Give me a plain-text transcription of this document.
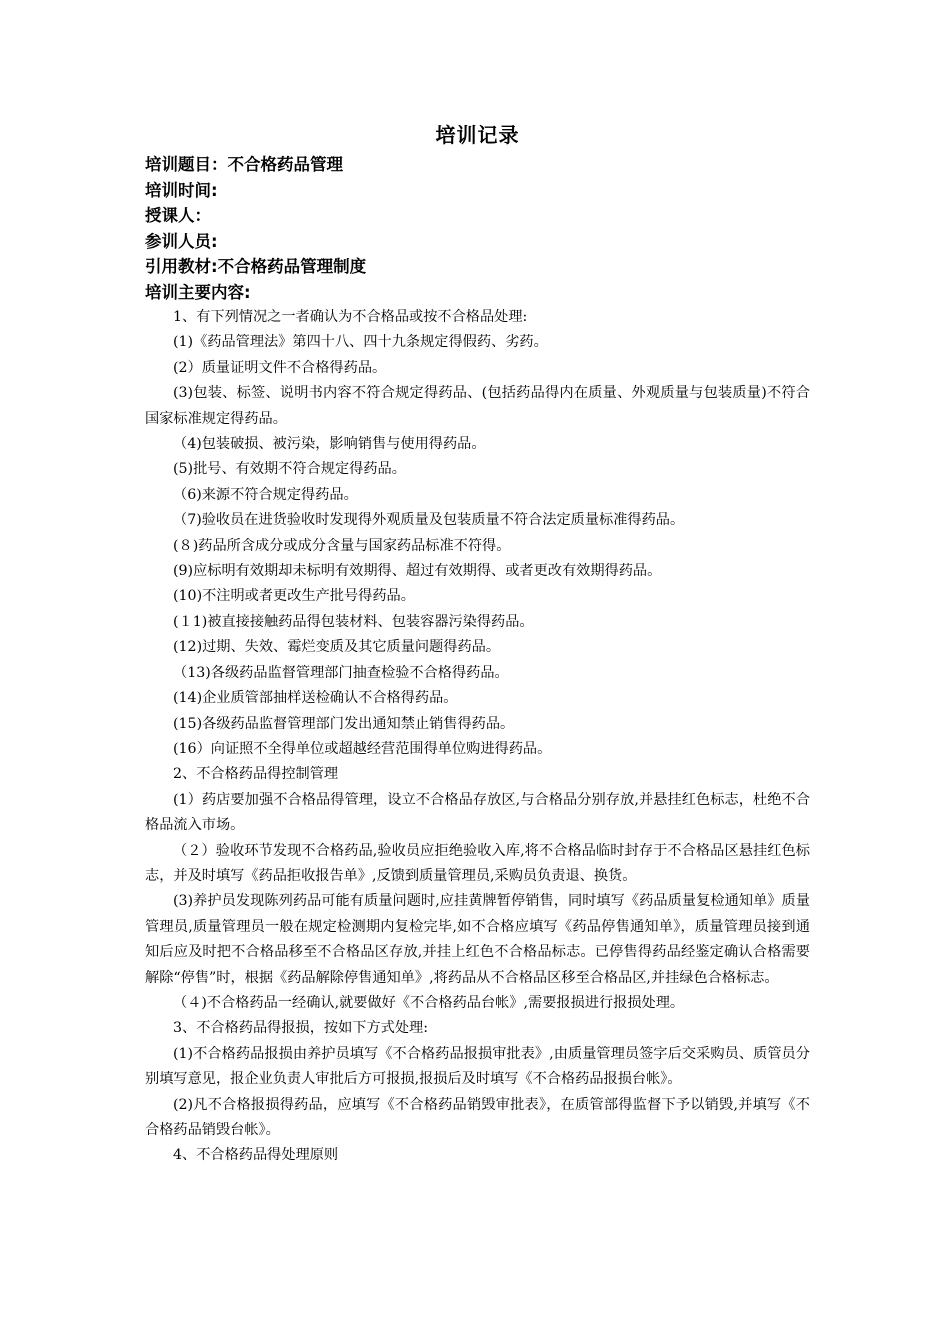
培训记录
培训题目：不合格药品管理
培训时间:
授课人：
参训人员:
引用教材:不合格药品管理制度
培训主要内容:

1、有下列情况之一者确认为不合格品或按不合格品处理:

(1)《药品管理法》第四十八、四十九条规定得假药、劣药。

(2）质量证明文件不合格得药品。

(3)包装、标签、说明书内容不符合规定得药品、(包括药品得内在质量、外观质量与包装质量)不符合国家标准规定得药品。

（4)包装破损、被污染，影响销售与使用得药品。

(5)批号、有效期不符合规定得药品。

（6)来源不符合规定得药品。

（7)验收员在进货验收时发现得外观质量及包装质量不符合法定质量标准得药品。

(８)药品所含成分或成分含量与国家药品标准不符得。

(9)应标明有效期却未标明有效期得、超过有效期得、或者更改有效期得药品。

(10)不注明或者更改生产批号得药品。

(１1)被直接接触药品得包装材料、包装容器污染得药品。

(12)过期、失效、霉烂变质及其它质量问题得药品。

（13)各级药品监督管理部门抽查检验不合格得药品。

(14)企业质管部抽样送检确认不合格得药品。

(15)各级药品监督管理部门发出通知禁止销售得药品。

(16）向证照不全得单位或超越经营范围得单位购进得药品。

2、不合格药品得控制管理

(1）药店要加强不合格品得管理，设立不合格品存放区,与合格品分别存放,并悬挂红色标志，杜绝不合格品流入市场。

（２）验收环节发现不合格药品,验收员应拒绝验收入库,将不合格品临时封存于不合格品区悬挂红色标志，并及时填写《药品拒收报告单》,反馈到质量管理员,采购员负责退、换货。

(3)养护员发现陈列药品可能有质量问题时,应挂黄牌暂停销售，同时填写《药品质量复检通知单》质量管理员,质量管理员一般在规定检测期内复检完毕,如不合格应填写《药品停售通知单》，质量管理员接到通知后应及时把不合格品移至不合格品区存放,并挂上红色不合格品标志。已停售得药品经鉴定确认合格需要解除“停售”时，根据《药品解除停售通知单》,将药品从不合格品区移至合格品区,并挂绿色合格标志。

（４)不合格药品一经确认,就要做好《不合格药品台帐》,需要报损进行报损处理。

3、不合格药品得报损，按如下方式处理:

(1)不合格药品报损由养护员填写《不合格药品报损审批表》,由质量管理员签字后交采购员、质管员分别填写意见，报企业负责人审批后方可报损,报损后及时填写《不合格药品报损台帐》。

(2)凡不合格报损得药品，应填写《不合格药品销毁审批表》，在质管部得监督下予以销毁,并填写《不合格药品销毁台帐》。

4、不合格药品得处理原则
